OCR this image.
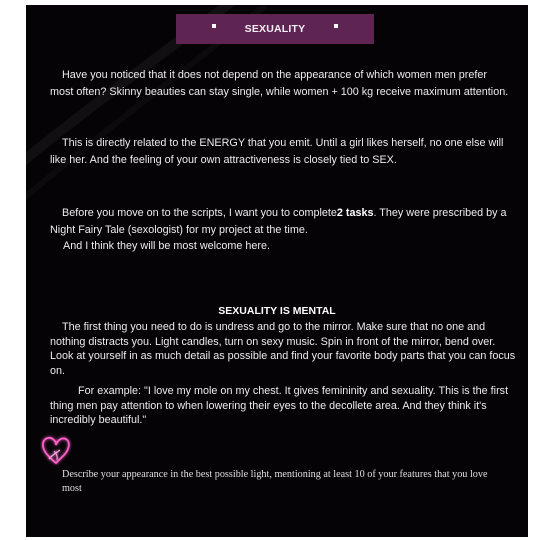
SEXUALITY

Have you noticed that it does not depend on the appearance of which women men prefer most often? Skinny beauties can stay single, while women + 100 kg receive maximum attention.

This is directly related to the ENERGY that you emit. Until a girl likes herself, no one else will like her. And the feeling of your own attractiveness is closely tied to SEX.

Before you move on to the scripts, I want you to complete2 tasks. They were prescribed by a Night Fairy Tale (sexologist) for my project at the time.

And I think they will be most welcome here.

SEXUALITY IS MENTAL

The first thing you need to do is undress and go to the mirror. Make sure that no one and nothing distracts you. Light candles, turn on sexy music. Spin in front of the mirror, bend over. Look at yourself in as much detail as possible and find your favorite body parts that you can focus on.

For example: "I love my mole on my chest. It gives femininity and sexuality. This is the first thing men pay attention to when lowering their eyes to the decollete area. And they think it's incredibly beautiful."

Describe your appearance in the best possible light, mentioning at least 10 of your features that you love most
